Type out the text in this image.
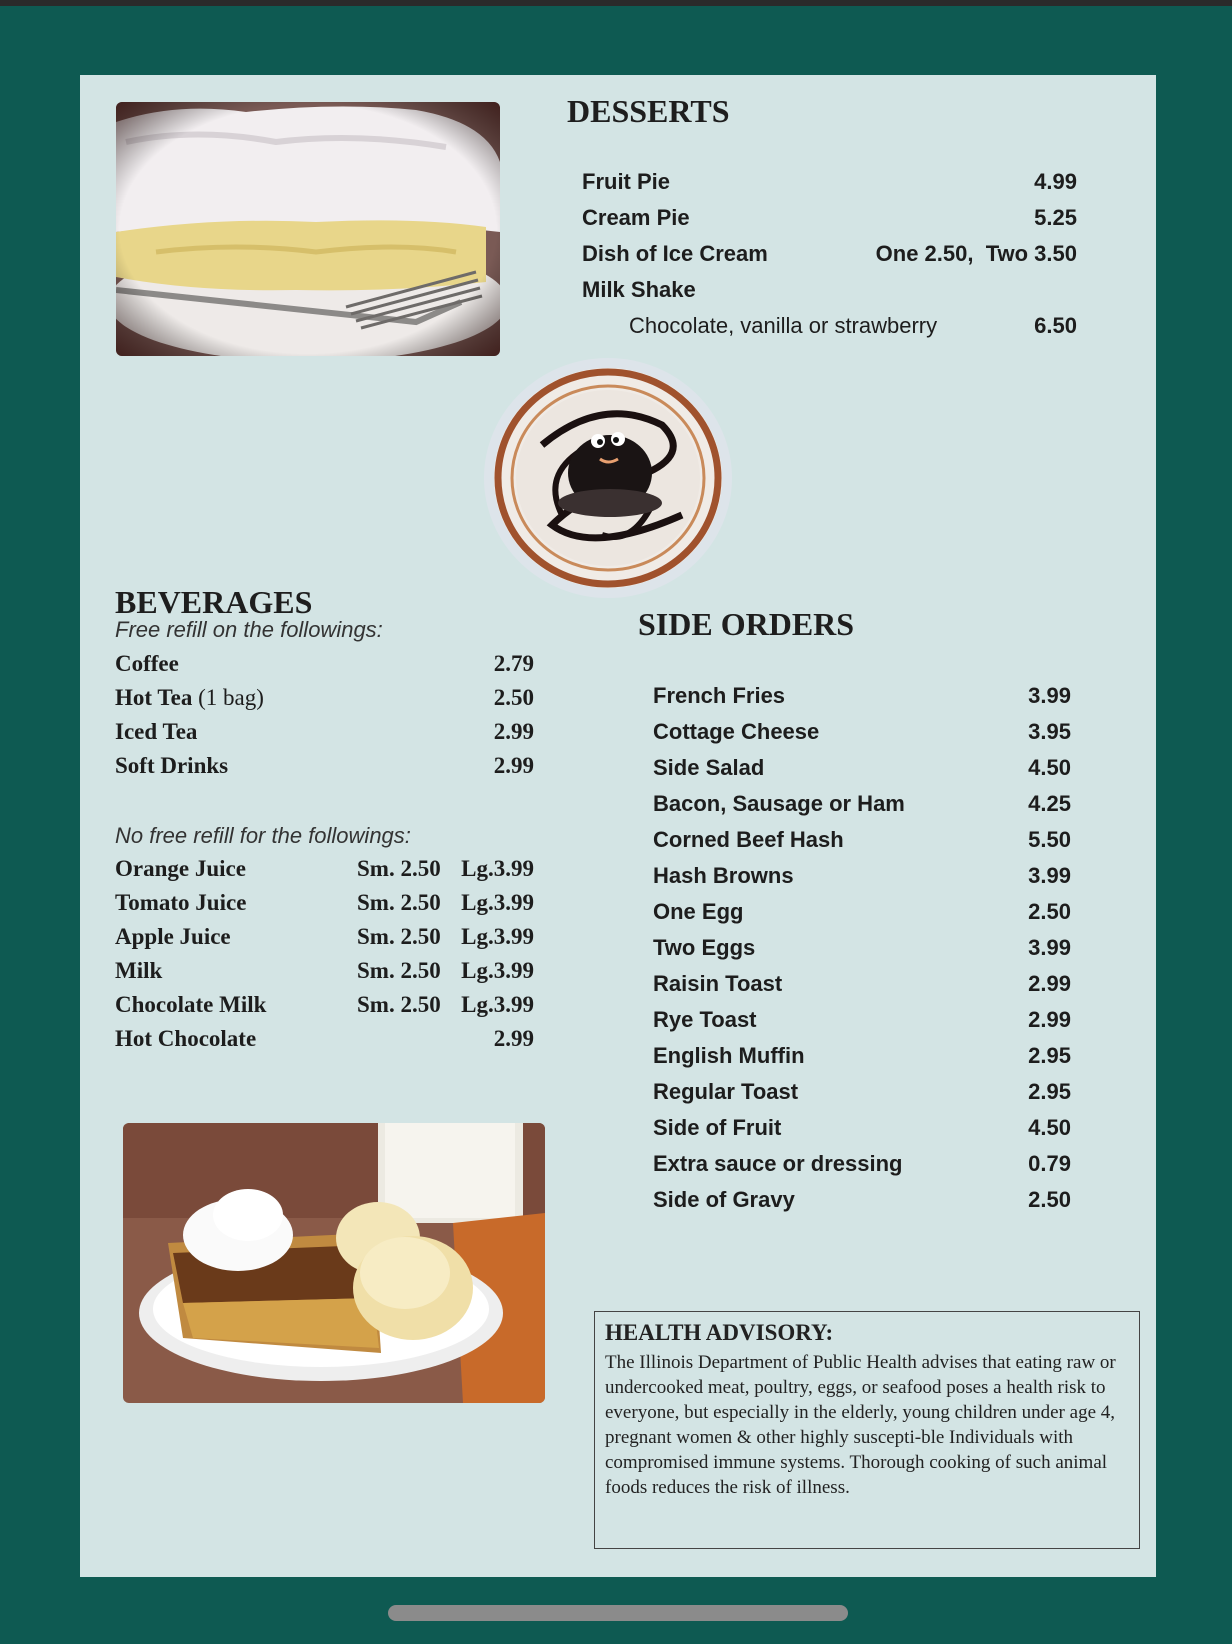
DESSERTS
Fruit Pie	4.99
Cream Pie	5.25
Dish of Ice Cream	One 2.50,  Two 3.50
Milk Shake
Chocolate, vanilla or strawberry	6.50
BEVERAGES
Free refill on the followings:
Coffee	2.79
Hot Tea (1 bag)	2.50
Iced Tea	2.99
Soft Drinks	2.99
No free refill for the followings:
Orange Juice	Sm. 2.50 Lg.3.99
Tomato Juice	Sm. 2.50 Lg.3.99
Apple Juice	Sm. 2.50 Lg.3.99
Milk	Sm. 2.50 Lg.3.99
Chocolate Milk	Sm. 2.50 Lg.3.99
Hot Chocolate	2.99
SIDE ORDERS
French Fries	3.99
Cottage Cheese	3.95
Side Salad	4.50
Bacon, Sausage or Ham	4.25
Corned Beef Hash	5.50
Hash Browns	3.99
One Egg	2.50
Two Eggs	3.99
Raisin Toast	2.99
Rye Toast	2.99
English Muffin	2.95
Regular Toast	2.95
Side of Fruit	4.50
Extra sauce or dressing	0.79
Side of Gravy	2.50
HEALTH ADVISORY:
The Illinois Department of Public Health advises that eating raw or undercooked meat, poultry, eggs, or seafood poses a health risk to everyone, but especially in the elderly, young children under age 4, pregnant women & other highly suscepti-ble Individuals with compromised immune systems. Thorough cooking of such animal foods reduces the risk of illness.
